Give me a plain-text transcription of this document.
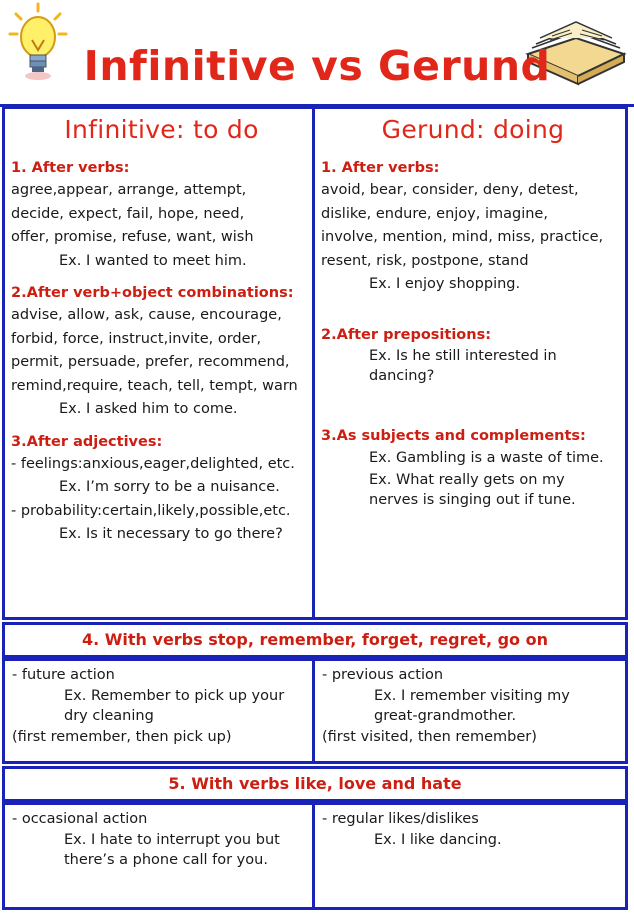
Infinitive vs Gerund
Infinitive: to do
1. After verbs:
agree,appear, arrange, attempt,
decide, expect, fail, hope, need,
offer, promise, refuse, want, wish
Ex. I wanted to meet him.
2.After verb+object combinations:
advise, allow, ask, cause, encourage,
forbid, force, instruct,invite, order,
permit, persuade, prefer, recommend,
remind,require, teach, tell, tempt, warn
Ex. I asked him to come.
3.After adjectives:
- feelings:anxious,eager,delighted, etc.
Ex. I’m sorry to be a nuisance.
- probability:certain,likely,possible,etc.
Ex. Is it necessary to go there?
Gerund: doing
1. After verbs:
avoid, bear, consider, deny, detest,
dislike, endure, enjoy, imagine,
involve, mention, mind, miss, practice,
resent, risk, postpone, stand
Ex. I enjoy shopping.
2.After prepositions:
Ex. Is he still interested in
dancing?
3.As subjects and complements:
Ex. Gambling is a waste of time.
Ex. What really gets on my
nerves is singing out if tune.
4. With verbs stop, remember, forget, regret, go on
- future action
Ex. Remember to pick up your
dry cleaning
(first remember, then pick up)
- previous action
Ex. I remember visiting my
great-grandmother.
(first visited, then remember)
5. With verbs like, love and hate
- occasional action
Ex. I hate to interrupt you but
there’s a phone call for you.
- regular likes/dislikes
Ex. I like dancing.
